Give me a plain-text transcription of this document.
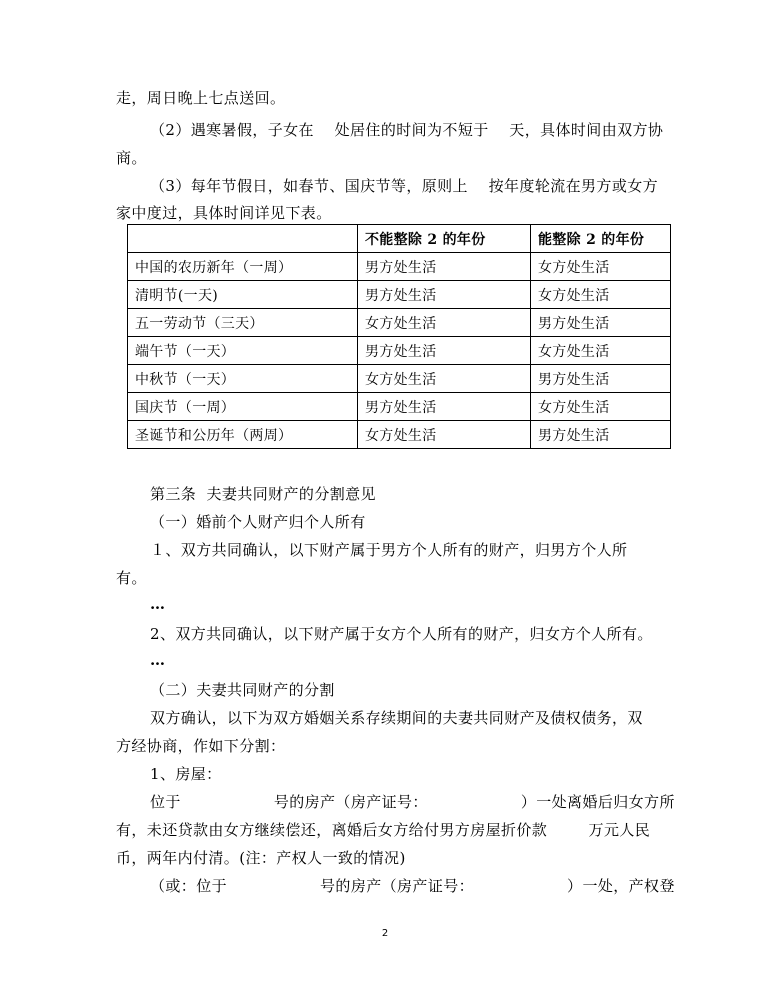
走，周日晚上七点送回。
（2）遇寒暑假，子女在    处居住的时间为不短于    天，具体时间由双方协
商。
（3）每年节假日，如春节、国庆节等，原则上    按年度轮流在男方或女方
家中度过，具体时间详见下表。
	不能整除 2 的年份	能整除 2 的年份
中国的农历新年（一周）	男方处生活	女方处生活
清明节(一天)	男方处生活	女方处生活
五一劳动节（三天）	女方处生活	男方处生活
端午节（一天）	男方处生活	女方处生活
中秋节（一天）	女方处生活	男方处生活
国庆节（一周）	男方处生活	女方处生活
圣诞节和公历年（两周）	女方处生活	男方处生活
第三条  夫妻共同财产的分割意见
（一）婚前个人财产归个人所有
１、双方共同确认，以下财产属于男方个人所有的财产，归男方个人所
有。
…
2、双方共同确认，以下财产属于女方个人所有的财产，归女方个人所有。
…
（二）夫妻共同财产的分割
双方确认，以下为双方婚姻关系存续期间的夫妻共同财产及债权债务，双
方经协商，作如下分割：
1、房屋：
位于                  号的房产（房产证号：                  ）一处离婚后归女方所
有，未还贷款由女方继续偿还，离婚后女方给付男方房屋折价款        万元人民
币，两年内付清。(注：产权人一致的情况)
（或：位于                  号的房产（房产证号：                  ）一处，产权登
2
